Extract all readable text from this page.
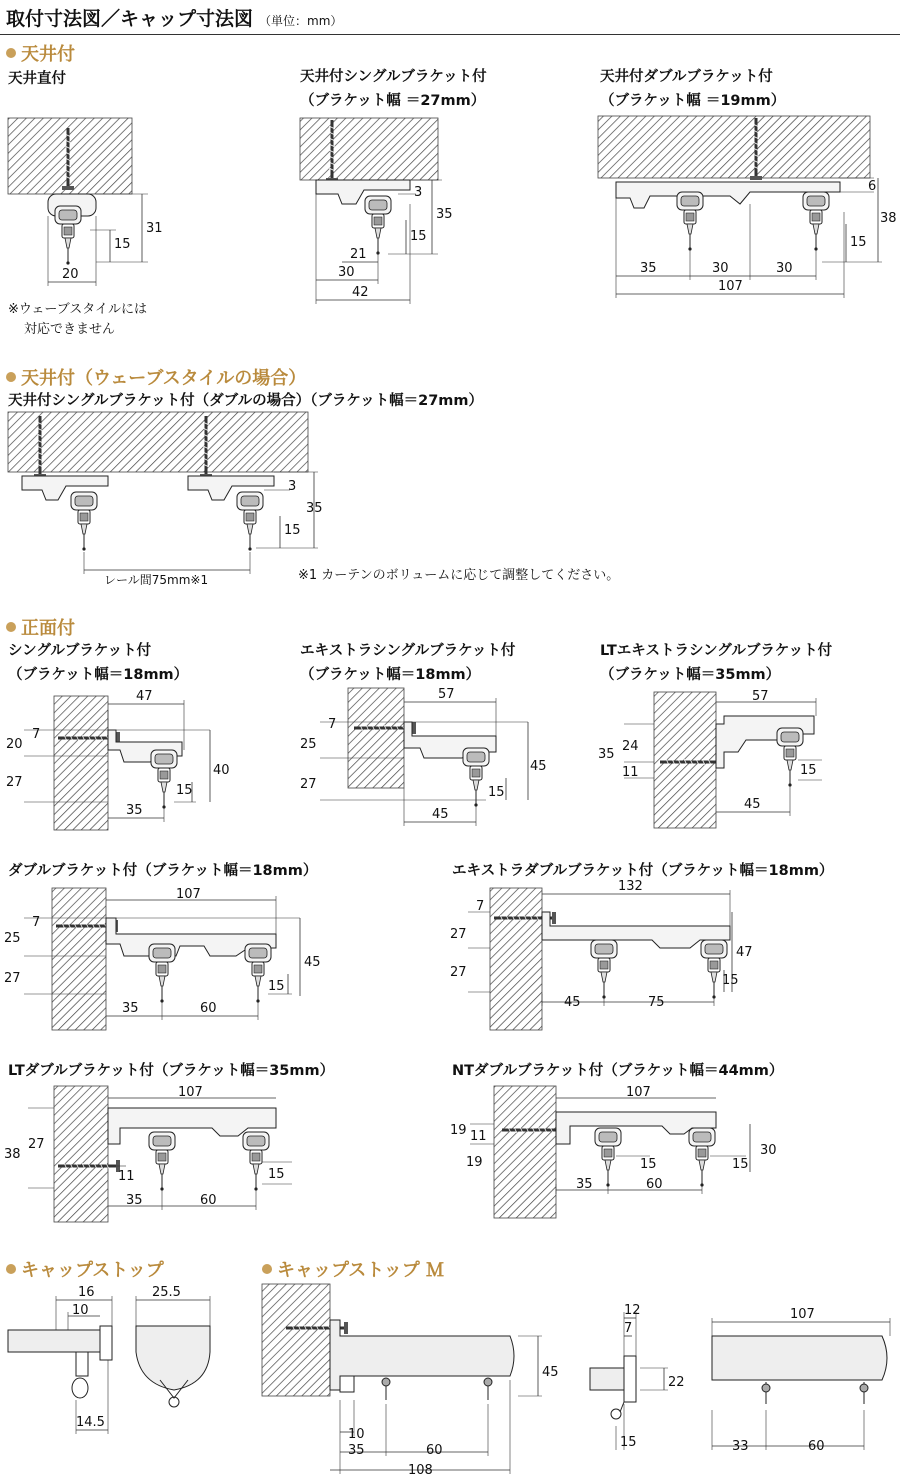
取付寸法図／キャップ寸法図 （単位：mm）
天井付
天井直付
31
15
20
※ウェーブスタイルには
対応できません
天井付シングルブラケット付
（ブラケット幅 ＝27mm）
3
35
15
21
30
42
天井付ダブルブラケット付
（ブラケット幅 ＝19mm）
6
38
15
35	30	30
107
天井付（ウェーブスタイルの場合）
天井付シングルブラケット付（ダブルの場合）（ブラケット幅＝27mm）
3
35
15
レール間75mm※1	※1 カーテンのボリュームに応じて調整してください。
正面付
シングルブラケット付
（ブラケット幅＝18mm）
47
7
20
27
40
15
35
エキストラシングルブラケット付
（ブラケット幅＝18mm）
57
7
25
27
45
15
45
LTエキストラシングルブラケット付
（ブラケット幅＝35mm）
57
35
24
11	15
45
ダブルブラケット付（ブラケット幅＝18mm）
107
7
25
27
45
15
35	60
エキストラダブルブラケット付（ブラケット幅＝18mm）
132
7
27
27
47
15
45	75
LTダブルブラケット付（ブラケット幅＝35mm）
107
38
27
11	15
35	60
NTダブルブラケット付（ブラケット幅＝44mm）
107
19 11
19
30
15	15
35	60
キャップストップ
16
10
14.5
25.5
キャップストップ Ｍ
45
10
35	60
108
12
7
22
15
107
33	60
